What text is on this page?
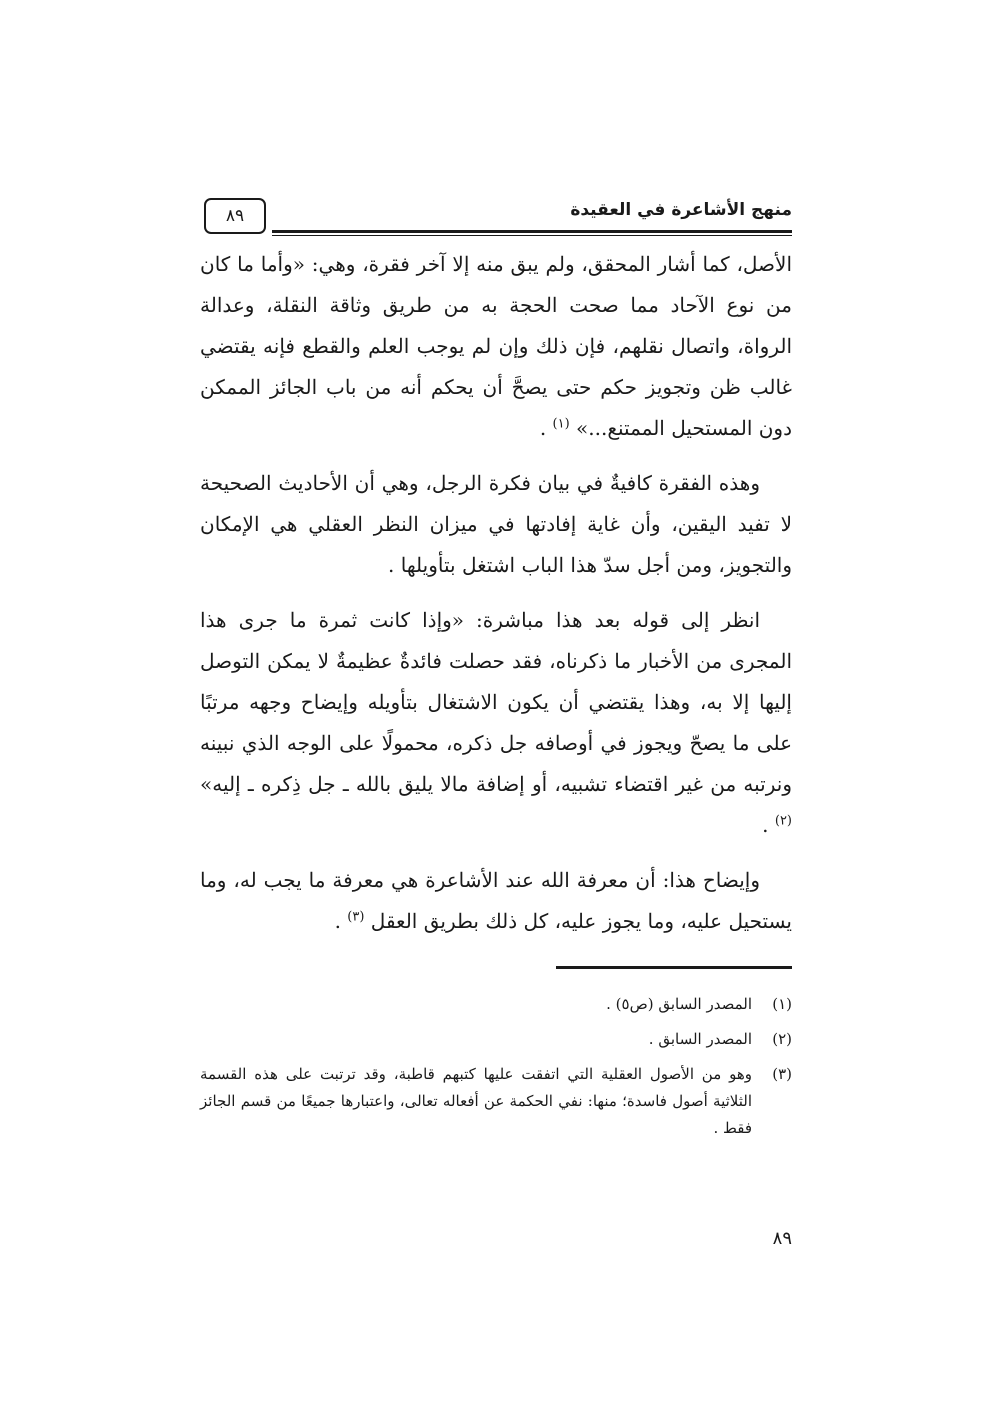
٨٩	منهج الأشاعرة في العقيدة

الأصل، كما أشار المحقق، ولم يبق منه إلا آخر فقرة، وهي: «وأما ما كان من نوع الآحاد مما صحت الحجة به من طريق وثاقة النقلة، وعدالة الرواة، واتصال نقلهم، فإن ذلك وإن لم يوجب العلم والقطع فإنه يقتضي غالب ظن وتجويز حكم حتى يصحَّ أن يحكم أنه من باب الجائز الممكن دون المستحيل الممتنع...» $^{(١)}$ .

وهذه الفقرة كافيةٌ في بيان فكرة الرجل، وهي أن الأحاديث الصحيحة لا تفيد اليقين، وأن غاية إفادتها في ميزان النظر العقلي هي الإمكان والتجويز، ومن أجل سدّ هذا الباب اشتغل بتأويلها .

انظر إلى قوله بعد هذا مباشرة: «وإذا كانت ثمرة ما جرى هذا المجرى من الأخبار ما ذكرناه، فقد حصلت فائدةٌ عظيمةٌ لا يمكن التوصل إليها إلا به، وهذا يقتضي أن يكون الاشتغال بتأويله وإيضاح وجهه مرتبًا على ما يصحّ ويجوز في أوصافه جل ذكره، محمولًا على الوجه الذي نبينه ونرتبه من غير اقتضاء تشبيه، أو إضافة مالا يليق بالله ـ جل ذِكره ـ إليه» $^{(٢)}$ .

وإيضاح هذا: أن معرفة الله عند الأشاعرة هي معرفة ما يجب له، وما يستحيل عليه، وما يجوز عليه، كل ذلك بطريق العقل $^{(٣)}$ .

(١)
المصدر السابق (ص٥) .
(٢)
المصدر السابق .
(٣)
وهو من الأصول العقلية التي اتفقت عليها كتبهم قاطبة، وقد ترتبت على هذه القسمة الثلاثية أصول فاسدة؛ منها: نفي الحكمة عن أفعاله تعالى، واعتبارها جميعًا من قسم الجائز فقط .
٨٩
